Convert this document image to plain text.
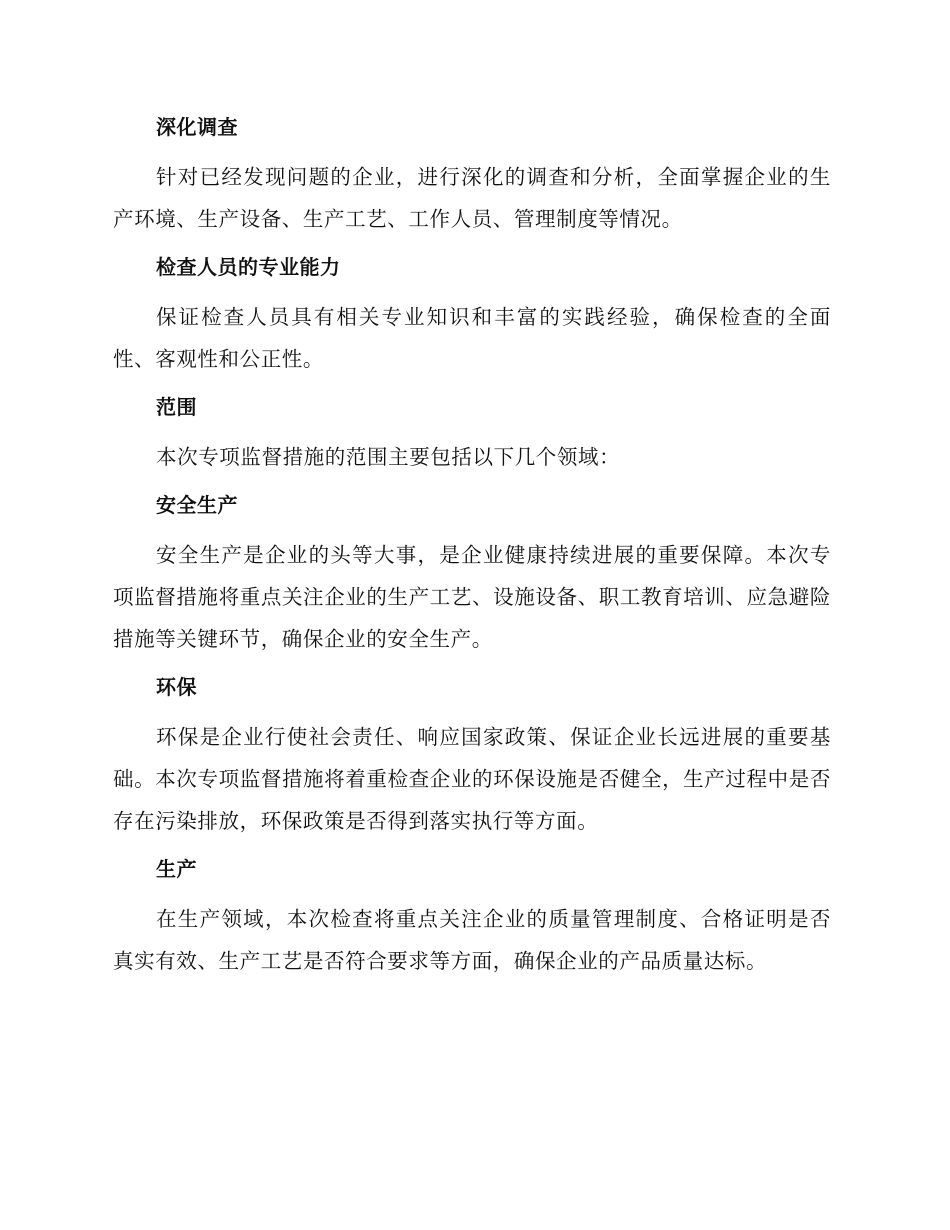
深化调查

针对已经发现问题的企业，进行深化的调查和分析，全面掌握企业的生产环境、生产设备、生产工艺、工作人员、管理制度等情况。

检查人员的专业能力

保证检查人员具有相关专业知识和丰富的实践经验，确保检查的全面性、客观性和公正性。

范围

本次专项监督措施的范围主要包括以下几个领域：

安全生产

安全生产是企业的头等大事，是企业健康持续进展的重要保障。本次专项监督措施将重点关注企业的生产工艺、设施设备、职工教育培训、应急避险措施等关键环节，确保企业的安全生产。

环保

环保是企业行使社会责任、响应国家政策、保证企业长远进展的重要基础。本次专项监督措施将着重检查企业的环保设施是否健全，生产过程中是否存在污染排放，环保政策是否得到落实执行等方面。

生产

在生产领域，本次检查将重点关注企业的质量管理制度、合格证明是否真实有效、生产工艺是否符合要求等方面，确保企业的产品质量达标。
